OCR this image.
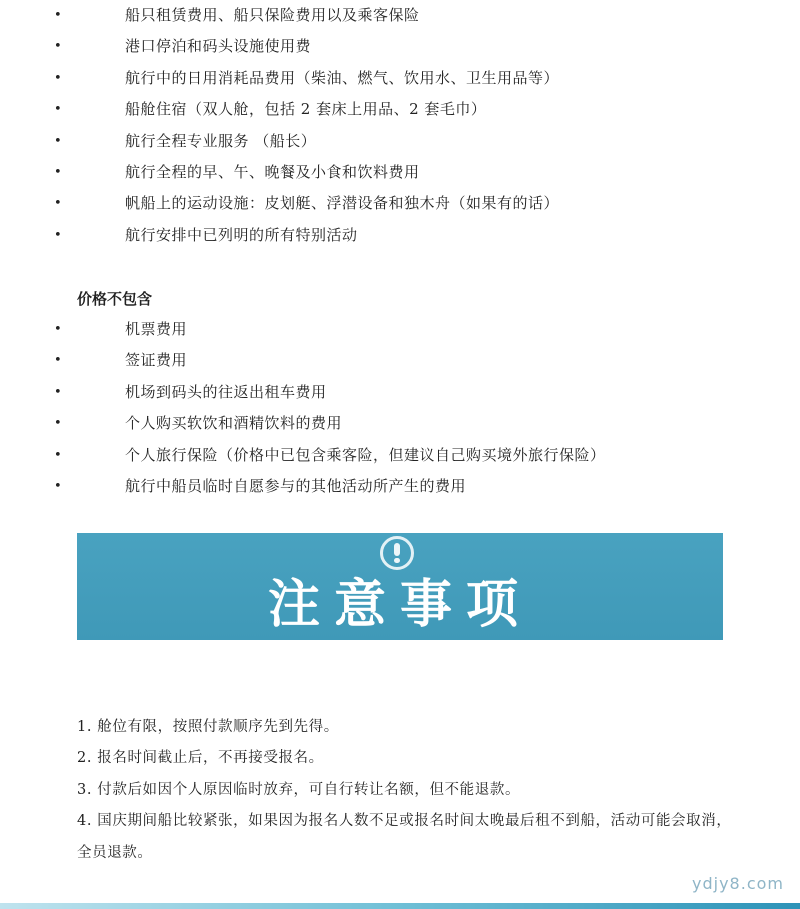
•	船只租赁费用、船只保险费用以及乘客保险
•	港口停泊和码头设施使用费
•	航行中的日用消耗品费用（柴油、燃气、饮用水、卫生用品等）
•	船舱住宿（双人舱，包括 2 套床上用品、2 套毛巾）
•	航行全程专业服务 （船长）
•	航行全程的早、午、晚餐及小食和饮料费用
•	帆船上的运动设施：皮划艇、浮潜设备和独木舟（如果有的话）
•	航行安排中已列明的所有特别活动
价格不包含
•	机票费用
•	签证费用
•	机场到码头的往返出租车费用
•	个人购买软饮和酒精饮料的费用
•	个人旅行保险（价格中已包含乘客险，但建议自己购买境外旅行保险）
•	航行中船员临时自愿参与的其他活动所产生的费用
注意事项
1. 舱位有限，按照付款顺序先到先得。
2. 报名时间截止后，不再接受报名。
3. 付款后如因个人原因临时放弃，可自行转让名额，但不能退款。
4. 国庆期间船比较紧张，如果因为报名人数不足或报名时间太晚最后租不到船，活动可能会取消，全员退款。
ydjy8.com
